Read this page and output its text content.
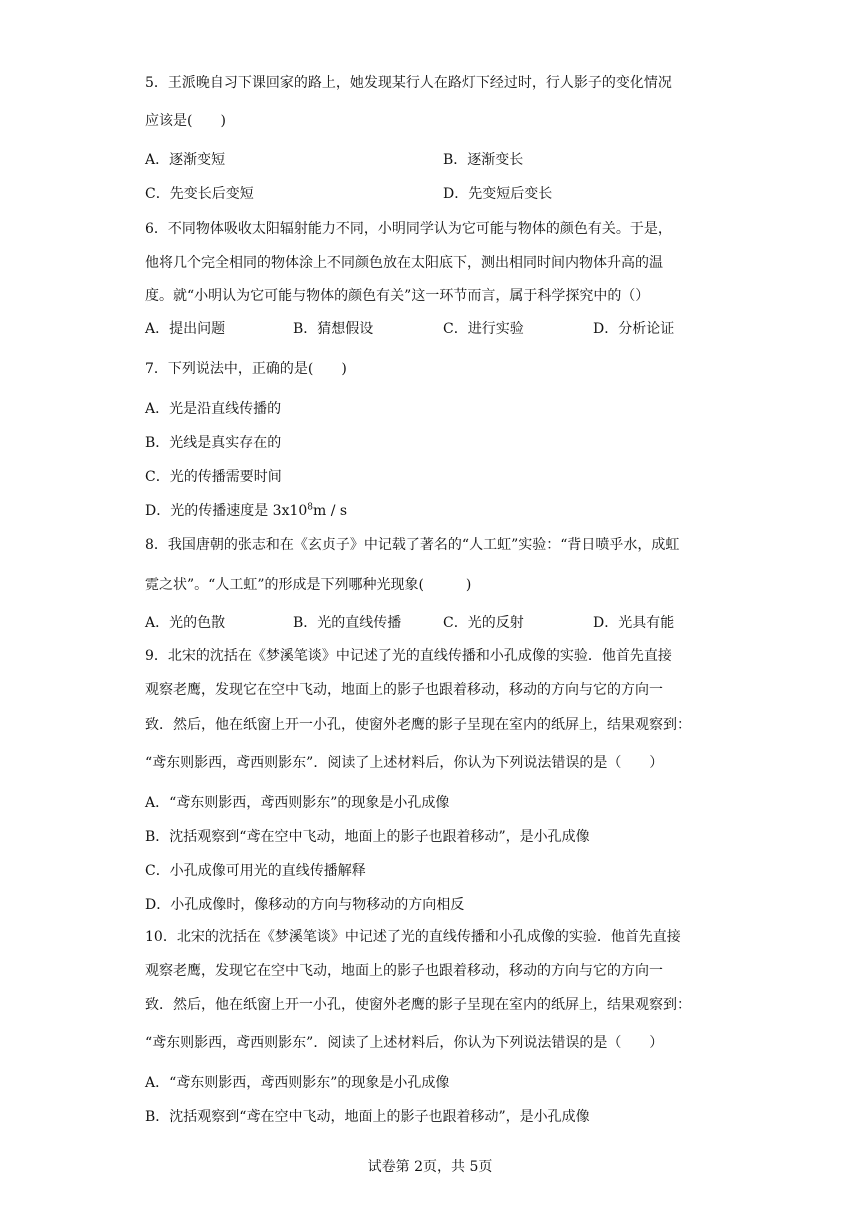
5．王派晚自习下课回家的路上，她发现某行人在路灯下经过时，行人影子的变化情况
应该是(　　)
A．逐渐变短	B．逐渐变长
C．先变长后变短	D．先变短后变长
6．不同物体吸收太阳辐射能力不同，小明同学认为它可能与物体的颜色有关。于是，
他将几个完全相同的物体涂上不同颜色放在太阳底下，测出相同时间内物体升高的温
度。就“小明认为它可能与物体的颜色有关”这一环节而言，属于科学探究中的（）
A．提出问题	B．猜想假设	C．进行实验	D．分析论证
7．下列说法中，正确的是(　　)
A．光是沿直线传播的
B．光线是真实存在的
C．光的传播需要时间
D．光的传播速度是 $3x10^8m$ / s
8．我国唐朝的张志和在《玄贞子》中记载了著名的“人工虹”实验：“背日喷乎水，成虹
霓之状”。“人工虹”的形成是下列哪种光现象(　　　)
A．光的色散	B．光的直线传播	C．光的反射	D．光具有能
9．北宋的沈括在《梦溪笔谈》中记述了光的直线传播和小孔成像的实验．他首先直接
观察老鹰，发现它在空中飞动，地面上的影子也跟着移动，移动的方向与它的方向一
致．然后，他在纸窗上开一小孔，使窗外老鹰的影子呈现在室内的纸屏上，结果观察到：
“鸢东则影西，鸢西则影东”．阅读了上述材料后，你认为下列说法错误的是（　　）
A．“鸢东则影西，鸢西则影东”的现象是小孔成像
B．沈括观察到“鸢在空中飞动，地面上的影子也跟着移动”，是小孔成像
C．小孔成像可用光的直线传播解释
D．小孔成像时，像移动的方向与物移动的方向相反
10．北宋的沈括在《梦溪笔谈》中记述了光的直线传播和小孔成像的实验．他首先直接
观察老鹰，发现它在空中飞动，地面上的影子也跟着移动，移动的方向与它的方向一
致．然后，他在纸窗上开一小孔，使窗外老鹰的影子呈现在室内的纸屏上，结果观察到：
“鸢东则影西，鸢西则影东”．阅读了上述材料后，你认为下列说法错误的是（　　）
A．“鸢东则影西，鸢西则影东”的现象是小孔成像
B．沈括观察到“鸢在空中飞动，地面上的影子也跟着移动”，是小孔成像
试卷第 2页，共 5页
